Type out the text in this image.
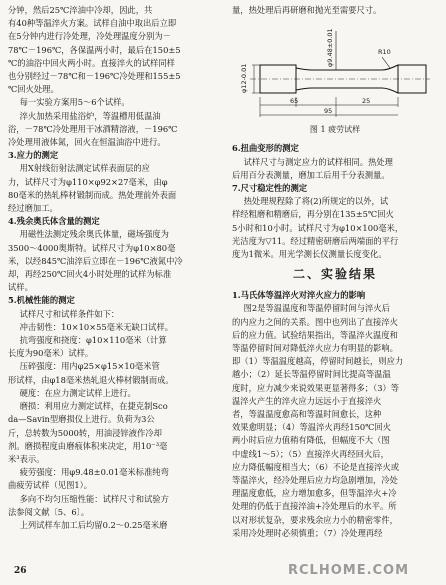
分钟，然后25℃淬油中冷却，因此，共

有40种等温淬火方案。试样自油中取出后立即

在5分钟内进行冷处理，冷处理温度分别为－

78℃－196℃，各保温两小时，最后在150±5

℃的油浴中回火两小时。直接淬火的试样同样

也分别经过－78℃和－196℃冷处理和155±5

℃回火处理。

每一实验方案用5～6个试样。

淬火加热采用盐浴炉，等温槽用低温油

浴，－78℃冷处理用干冰酒精溶液，－196℃

冷处理用液体氮，回火在恒温油浴中进行。

3.应力的测定

用X射线衍射法测定试样表面层的应

力，试样尺寸为φ110×φ92×27毫米，由φ

80毫米的热轧棒材锻制而成。热处理前外表面

经过磨加工。

4.残余奥氏体含量的测定

用磁性法测定残余奥氏体量，磁场强度为

3500～4000奥斯特。试样尺寸为φ10×80毫

米，以经845℃油淬后立即在－196℃液氮中冷

却，再经250℃回火4小时处理的试样为标准

试样。

5.机械性能的测定

试样尺寸和试样条件如下：

冲击韧性：10×10×55毫米无缺口试样。

抗弯强度和挠度：φ10×110毫米（计算

长度为90毫米）试样。

压碎强度：用内φ25×φ15×10毫米管

形试样，由φ18毫米热轧退火棒材锻制而成。

硬度：在应力测定试样上进行。

磨损：利用应力测定试样，在捷克制Sco

da—Savin型磨损仪上进行。负荷为3公

斤，总转数为5000转，用油浸锌液作冷却

剂。磨损程度由磨痕体积来决定，用10⁻³毫

米³表示。

疲劳强度：用φ9.48±0.01毫米标准纯弯

曲疲劳试样（见图1）。

多向不均匀压缩性能：试样尺寸和试验方

法参阅文献〔5、6〕。

上列试样车加工后均留0.2～0.25毫米磨

量，热处理后再研磨和抛光至需要尺寸。

φ12-0.01
φ9.48±0.01	R10
65
95
25

图 1 疲劳试样

6.扭曲变形的测定

试样尺寸与测定应力的试样相同。热处理

后用百分表测量，磨加工后用千分表测量。

7.尺寸稳定性的测定

热处理规程除了将(2)所规定的以外，试

样经粗磨和精磨后，再分别在135±5℃回火

5小时和10小时。试样尺寸为φ10×100毫米，

光洁度为▽11。经过精密研磨后两端面的平行

度为1微米。用光学测长仪测量长度变化。

二、实验结果

1.马氏体等温淬火对淬火应力的影响

图2是等温温度和等温停留时间与淬火后

的内应力之间的关系。图中也列出了直接淬火

后的应力值。试验结果指出，等温淬火温度和

等温停留时间对降低淬火应力有明显的影响。

即（1）等温温度越高，停留时间越长，则应力

越小；（2）延长等温停留时间比提高等温温

度时，应力减少来说效果更显著得多；（3）等

温淬火产生的淬火应力远远小于直接淬火

者，等温温度愈高和等温时间愈长，这种

效果愈明显；（4）等温淬火再经150℃回火

两小时后应力值稍有降低，但幅度不大（图

中虚线1～5）；（5）直接淬火再经回火后，

应力降低幅度相当大；（6）不论是直接淬火或

等温淬火，经冷处理后应力均急剧增加，冷处

理温度愈低，应力增加愈多，但等温淬火+冷

处理的仍低于直接淬油+冷处理后的水平。所

以对形状复杂，要求残余应力小的精密零件，

采用冷处理时必须慎重；（7）冷处理再经

26	RCLHOME.COM
